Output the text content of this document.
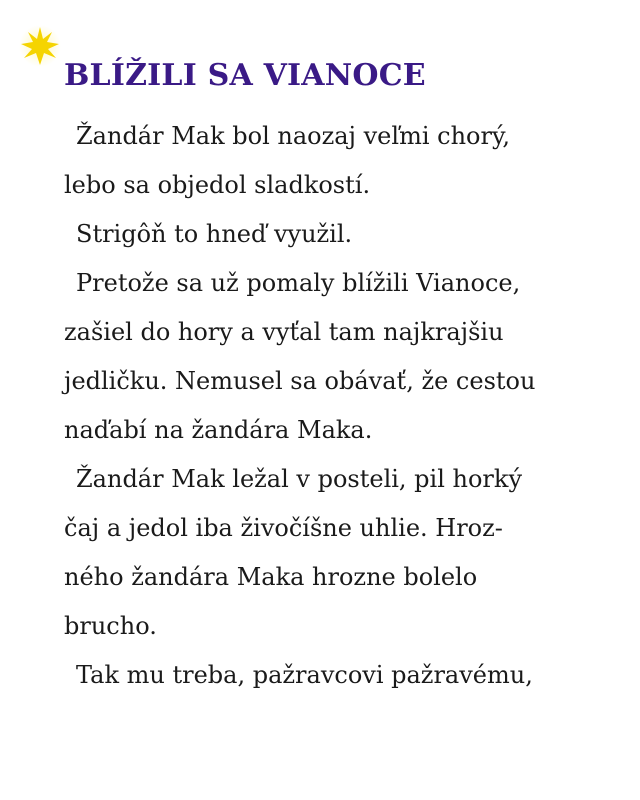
BLÍŽILI SA VIANOCE
Žandár Mak bol naozaj veľmi chorý,
lebo sa objedol sladkostí.
Strigôň to hneď využil.
Pretože sa už pomaly blížili Vianoce,
zašiel do hory a vyťal tam najkrajšiu
jedličku. Nemusel sa obávať, že cestou
naďabí na žandára Maka.
Žandár Mak ležal v posteli, pil horký
čaj a jedol iba živočíšne uhlie. Hroz-
ného žandára Maka hrozne bolelo
brucho.
Tak mu treba, pažravcovi pažravému,
